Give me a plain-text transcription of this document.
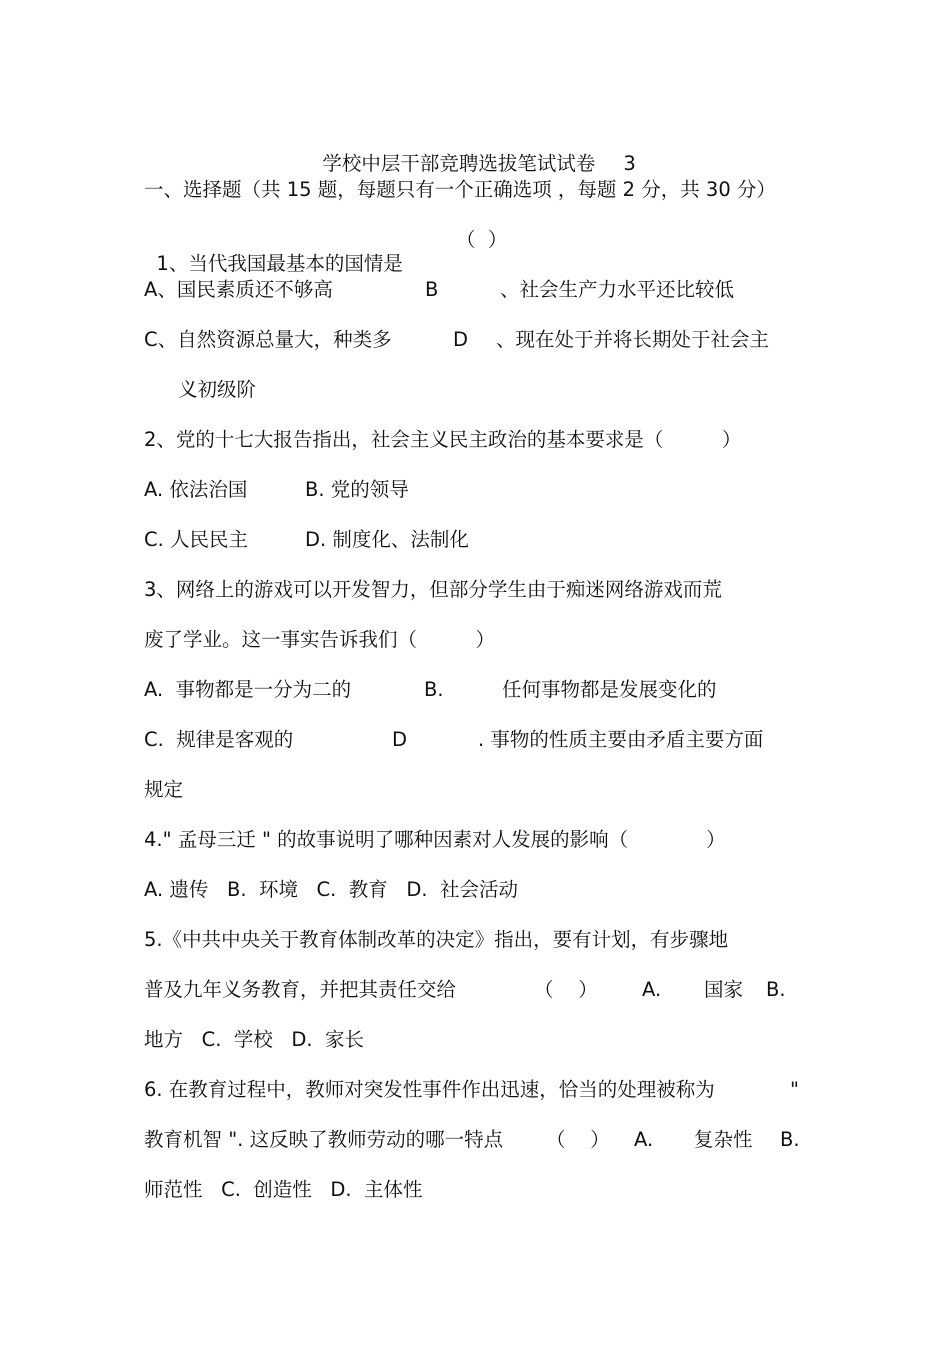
学校中层干部竞聘选拔笔试试卷 3

一、选择题（共 15 题，每题只有一个正确选项 ，每题 2 分，共 30 分）

1、当代我国最基本的国情是

（  ）
A、国民素质还不够高	B	、社会生产力水平还比较低
C、自然资源总量大，种类多	D 、现在处于并将长期处于社会主
义初级阶
2、党的十七大报告指出，社会主义民主政治的基本要求是（　　　）
A. 依法治国	B. 党的领导
C. 人民民主	D. 制度化、法制化
3、网络上的游戏可以开发智力，但部分学生由于痴迷网络游戏而荒
废了学业。这一事实告诉我们（　　　）
A.  事物都是一分为二的	B.	任何事物都是发展变化的
C.  规律是客观的	D	. 事物的性质主要由矛盾主要方面
规定
4." 孟母三迁 " 的故事说明了哪种因素对人发展的影响（　　　　）
A. 遗传   B.  环境   C.  教育   D.  社会活动
5.《中共中央关于教育体制改革的决定》指出，要有计划，有步骤地
普及九年义务教育，并把其责任交给	（    ） A. 国家 B.
地方   C.  学校   D.  家长
6. 在教育过程中，教师对突发性事件作出迅速，恰当的处理被称为	"
教育机智 ". 这反映了教师劳动的哪一特点 （    ） A. 复杂性 B.
师范性   C.  创造性   D.  主体性
